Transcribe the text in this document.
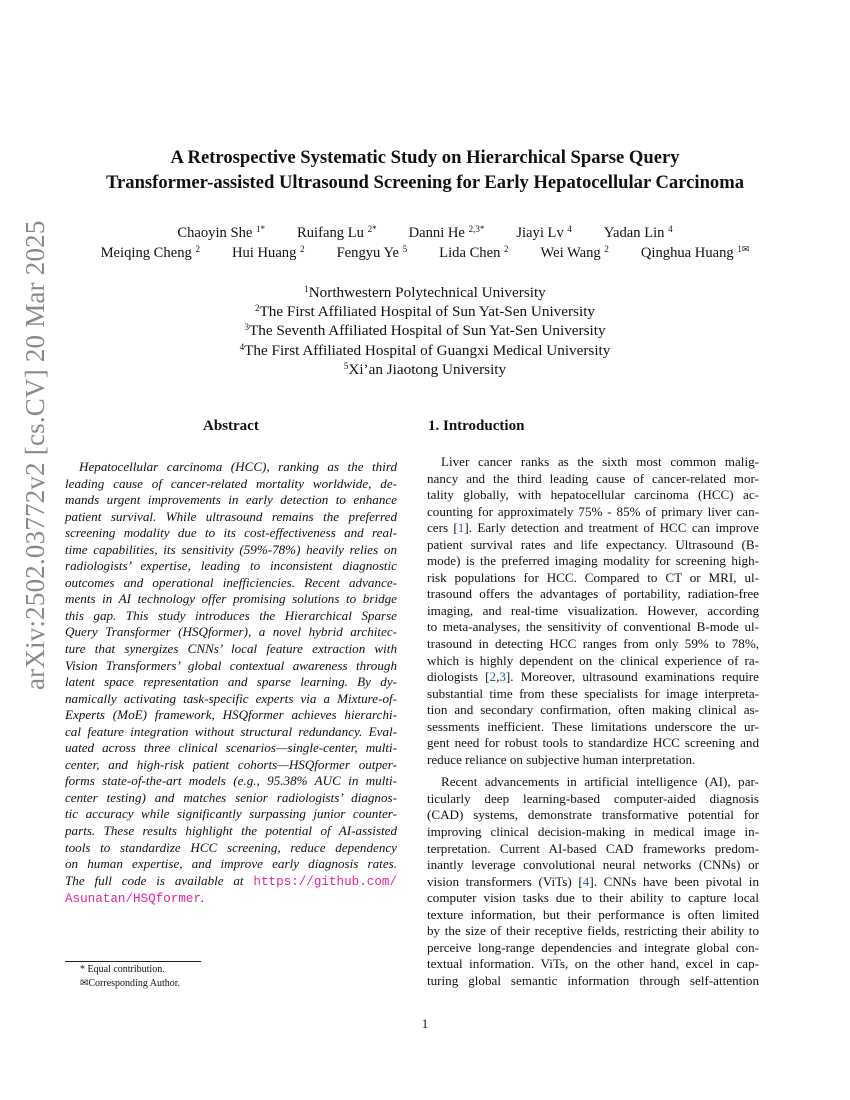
arXiv:2502.03772v2 [cs.CV] 20 Mar 2025
A Retrospective Systematic Study on Hierarchical Sparse Query
Transformer-assisted Ultrasound Screening for Early Hepatocellular Carcinoma
Chaoyin She $^{1*}$ Ruifang Lu $^{2*}$ Danni He $^{2,3*}$ Jiayi Lv $^4$ Yadan Lin $^4$
Meiqing Cheng $^2$ Hui Huang $^2$ Fengyu Ye $^5$ Lida Chen $^2$ Wei Wang $^2$ Qinghua Huang $^{1✉}$
$^1$Northwestern Polytechnical University
$^2$The First Affiliated Hospital of Sun Yat-Sen University
$^3$The Seventh Affiliated Hospital of Sun Yat-Sen University
$^4$The First Affiliated Hospital of Guangxi Medical University
$^5$Xi’an Jiaotong University
Abstract	1. Introduction
Hepatocellular carcinoma (HCC), ranking as the third
leading cause of cancer-related mortality worldwide, de-
mands urgent improvements in early detection to enhance
patient survival. While ultrasound remains the preferred
screening modality due to its cost-effectiveness and real-
time capabilities, its sensitivity (59%-78%) heavily relies on
radiologists’ expertise, leading to inconsistent diagnostic
outcomes and operational inefficiencies. Recent advance-
ments in AI technology offer promising solutions to bridge
this gap. This study introduces the Hierarchical Sparse
Query Transformer (HSQformer), a novel hybrid architec-
ture that synergizes CNNs’ local feature extraction with
Vision Transformers’ global contextual awareness through
latent space representation and sparse learning. By dy-
namically activating task-specific experts via a Mixture-of-
Experts (MoE) framework, HSQformer achieves hierarchi-
cal feature integration without structural redundancy. Eval-
uated across three clinical scenarios—single-center, multi-
center, and high-risk patient cohorts—HSQformer outper-
forms state-of-the-art models (e.g., 95.38% AUC in multi-
center testing) and matches senior radiologists’ diagnos-
tic accuracy while significantly surpassing junior counter-
parts. These results highlight the potential of AI-assisted
tools to standardize HCC screening, reduce dependency
on human expertise, and improve early diagnosis rates.
The full code is available at https://github.com/
Asunatan/HSQformer.
Liver cancer ranks as the sixth most common malig-
nancy and the third leading cause of cancer-related mor-
tality globally, with hepatocellular carcinoma (HCC) ac-
counting for approximately 75% - 85% of primary liver can-
cers [1]. Early detection and treatment of HCC can improve
patient survival rates and life expectancy. Ultrasound (B-
mode) is the preferred imaging modality for screening high-
risk populations for HCC. Compared to CT or MRI, ul-
trasound offers the advantages of portability, radiation-free
imaging, and real-time visualization. However, according
to meta-analyses, the sensitivity of conventional B-mode ul-
trasound in detecting HCC ranges from only 59% to 78%,
which is highly dependent on the clinical experience of ra-
diologists [2,3]. Moreover, ultrasound examinations require
substantial time from these specialists for image interpreta-
tion and secondary confirmation, often making clinical as-
sessments inefficient. These limitations underscore the ur-
gent need for robust tools to standardize HCC screening and
reduce reliance on subjective human interpretation.
Recent advancements in artificial intelligence (AI), par-
ticularly deep learning-based computer-aided diagnosis
(CAD) systems, demonstrate transformative potential for
improving clinical decision-making in medical image in-
terpretation. Current AI-based CAD frameworks predom-
inantly leverage convolutional neural networks (CNNs) or
vision transformers (ViTs) [4]. CNNs have been pivotal in
computer vision tasks due to their ability to capture local
texture information, but their performance is often limited
by the size of their receptive fields, restricting their ability to
perceive long-range dependencies and integrate global con-
textual information. ViTs, on the other hand, excel in cap-
turing global semantic information through self-attention
* Equal contribution.
✉Corresponding Author.
1
